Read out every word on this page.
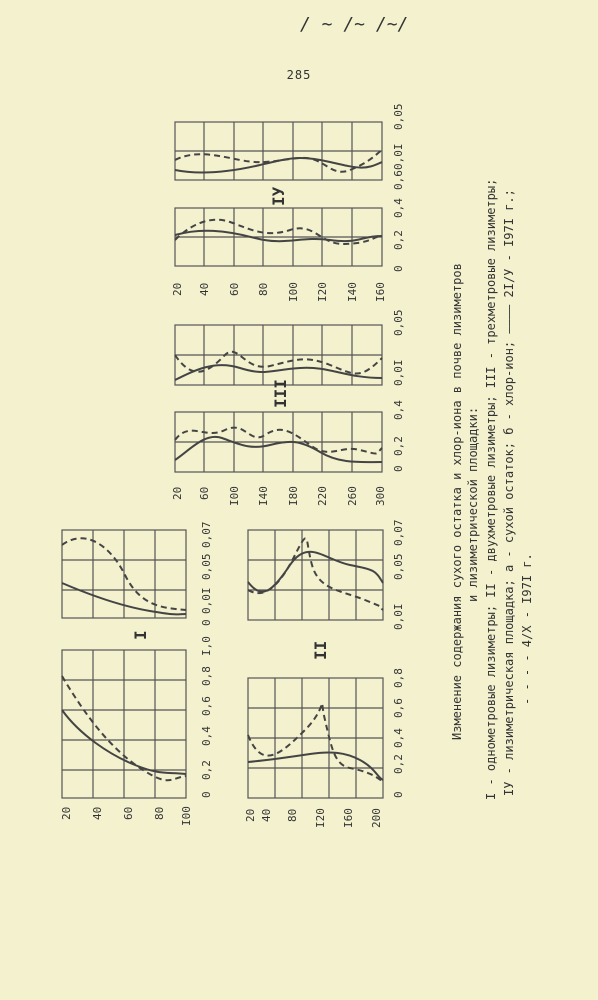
285
/ ~ /~ /~/
20 40 60 80 I00
0
0,2
0,4
0,6
0,8
I,0
0
0,0I
0,05
0,07
I
20 40 80 I20 I60 200
0
0,2
0,4
0,6
0,8
0,0I
0,05
0,07
II
20 60 I00 I40 I80 220 260 300
0
0,2
0,4
0,0I
0,05
III
20 40 60 80 I00 I20 I40 I60
0
0,2
0,4
0,6
0,0I
0,05
IУ
Изменение содержания сухого остатка и хлор-иона в почве лизиметров и лизиметрической площадки: I - однометровые лизиметры; II - двухметровые лизиметры; III - трехметровые лизиметры; IУ - лизиметрическая площадка; а - сухой остаток; б - хлор-ион; ———— 2I/У - I97I г.; - - - - 4/X - I97I г.
